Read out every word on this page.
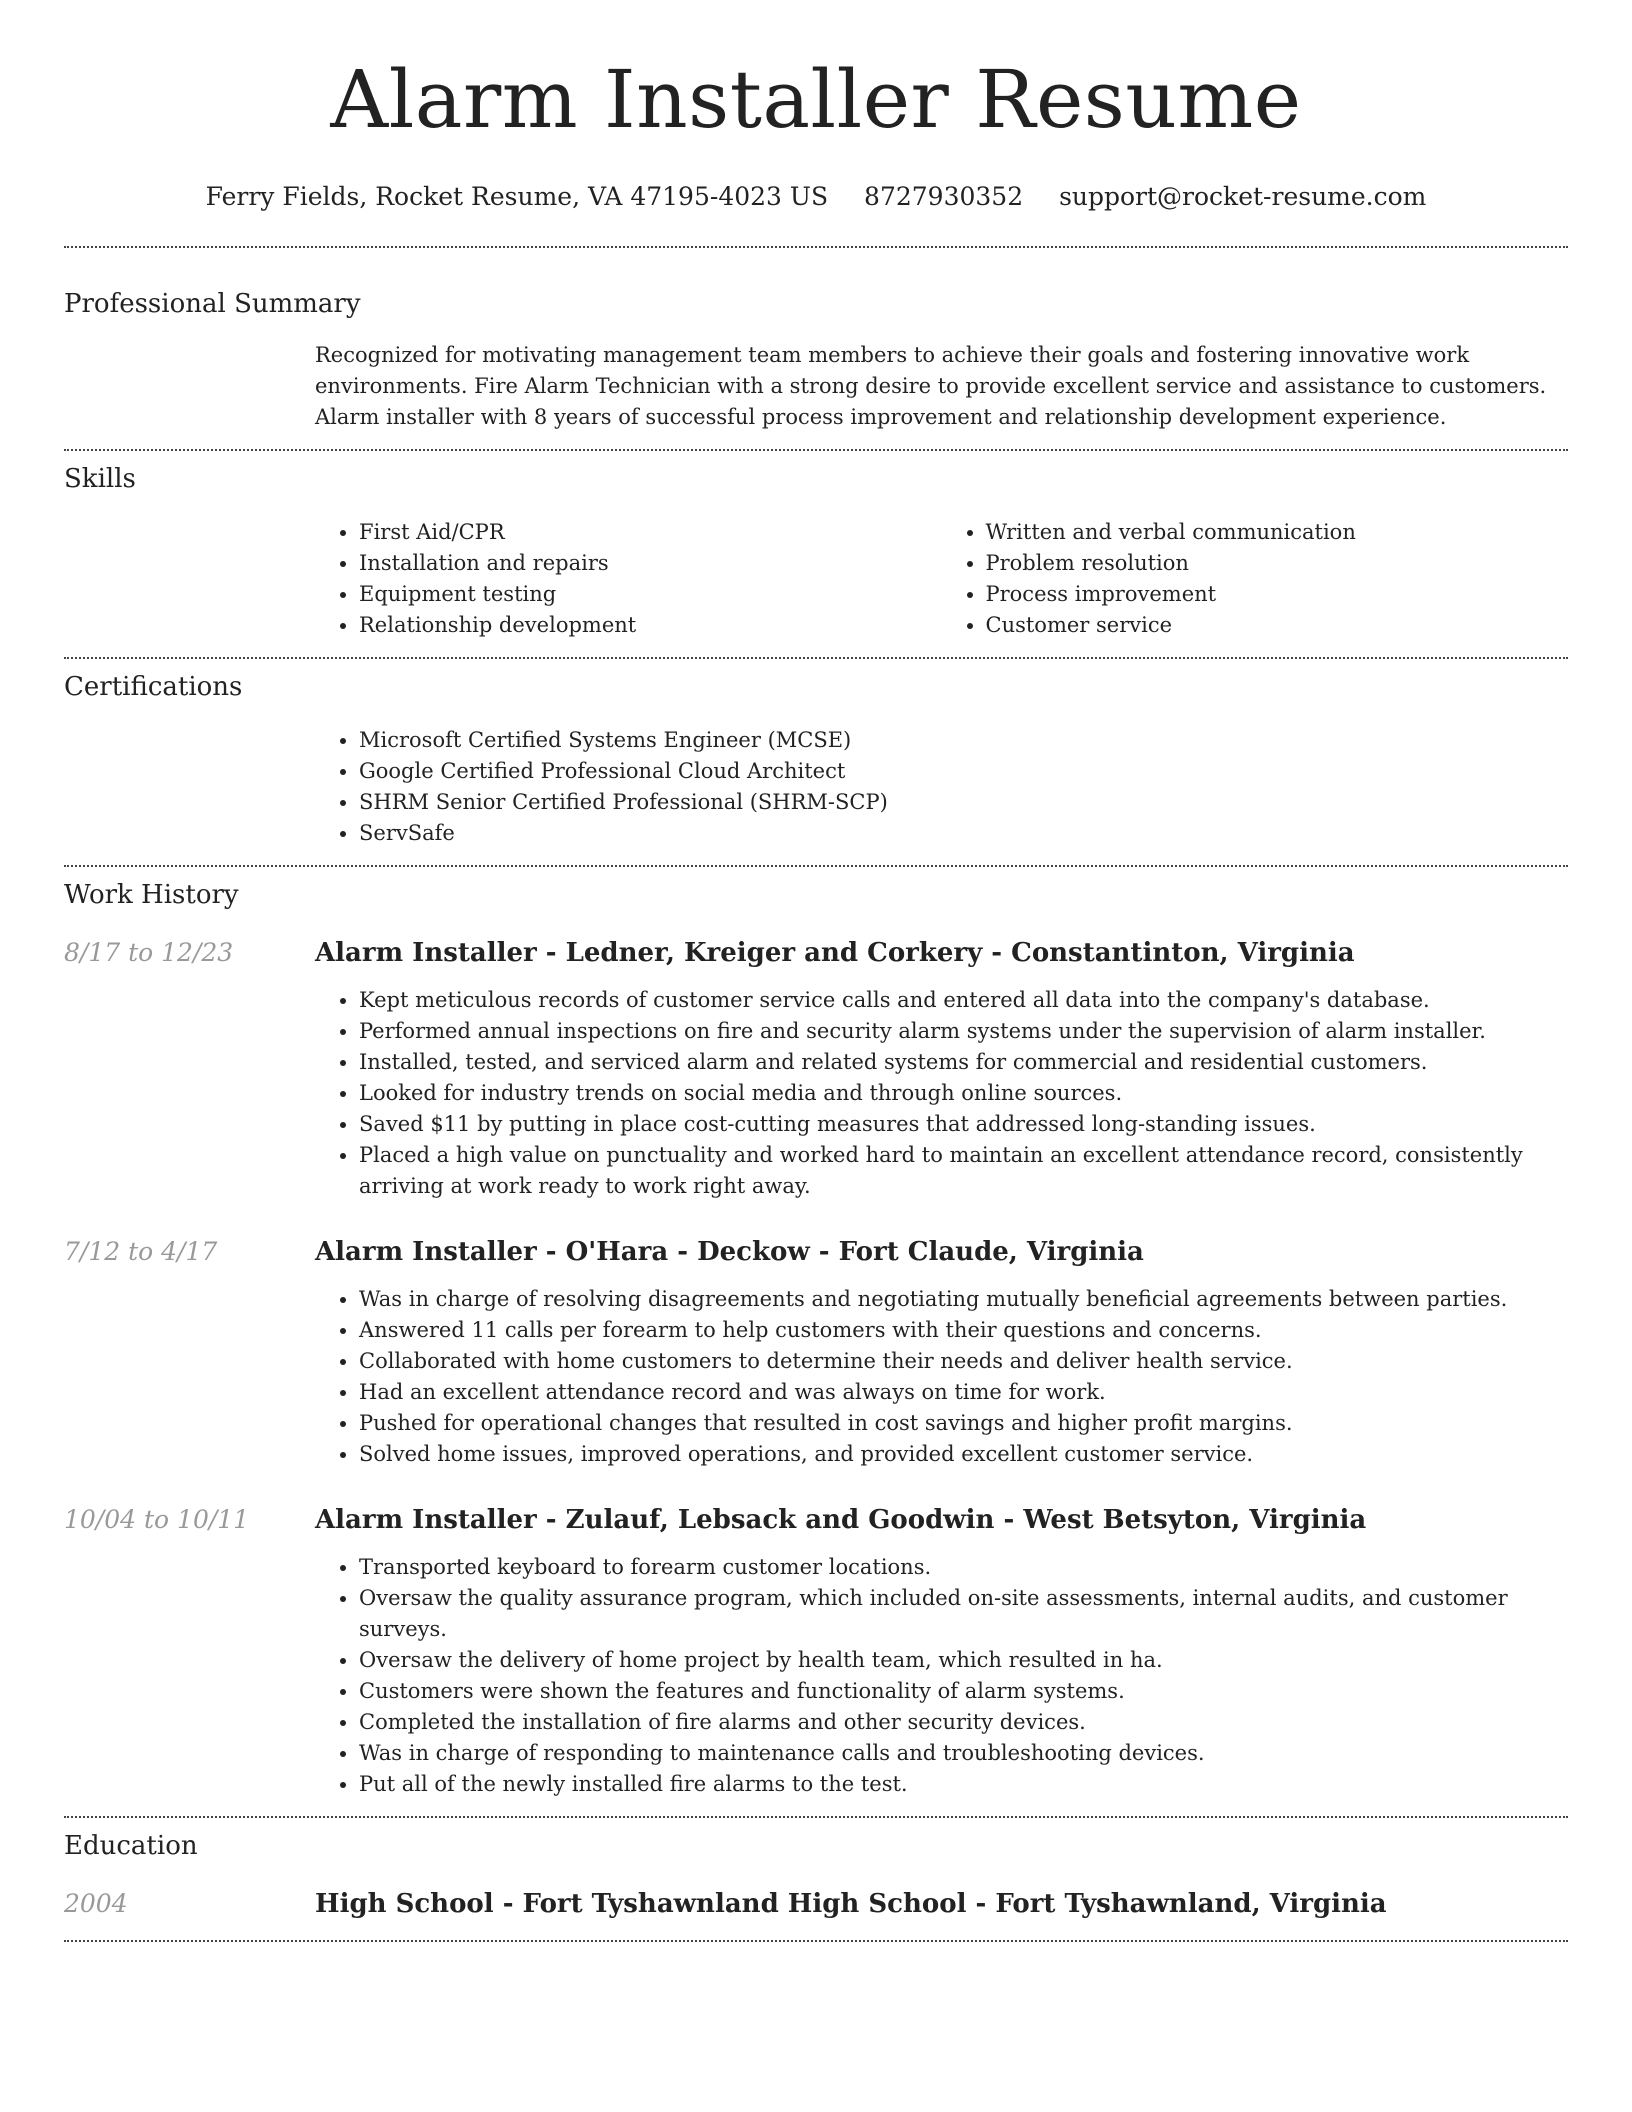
Alarm Installer Resume
Ferry Fields, Rocket Resume, VA 47195-4023 US 8727930352 support@rocket-resume.com
Professional Summary

Recognized for motivating management team members to achieve their goals and fostering innovative work environments. Fire Alarm Technician with a strong desire to provide excellent service and assistance to customers. Alarm installer with 8 years of successful process improvement and relationship development experience.

Skills
• First Aid/CPR
• Installation and repairs
• Equipment testing
• Relationship development
• Written and verbal communication
• Problem resolution
• Process improvement
• Customer service
Certifications
• Microsoft Certified Systems Engineer (MCSE)
• Google Certified Professional Cloud Architect
• SHRM Senior Certified Professional (SHRM-SCP)
• ServSafe
Work History
8/17 to 12/23	Alarm Installer - Ledner, Kreiger and Corkery - Constantinton, Virginia
• Kept meticulous records of customer service calls and entered all data into the company's database.
• Performed annual inspections on fire and security alarm systems under the supervision of alarm installer.
• Installed, tested, and serviced alarm and related systems for commercial and residential customers.
• Looked for industry trends on social media and through online sources.
• Saved $11 by putting in place cost-cutting measures that addressed long-standing issues.
• Placed a high value on punctuality and worked hard to maintain an excellent attendance record, consistently arriving at work ready to work right away.
7/12 to 4/17	Alarm Installer - O'Hara - Deckow - Fort Claude, Virginia
• Was in charge of resolving disagreements and negotiating mutually beneficial agreements between parties.
• Answered 11 calls per forearm to help customers with their questions and concerns.
• Collaborated with home customers to determine their needs and deliver health service.
• Had an excellent attendance record and was always on time for work.
• Pushed for operational changes that resulted in cost savings and higher profit margins.
• Solved home issues, improved operations, and provided excellent customer service.
10/04 to 10/11	Alarm Installer - Zulauf, Lebsack and Goodwin - West Betsyton, Virginia
• Transported keyboard to forearm customer locations.
• Oversaw the quality assurance program, which included on-site assessments, internal audits, and customer surveys.
• Oversaw the delivery of home project by health team, which resulted in ha.
• Customers were shown the features and functionality of alarm systems.
• Completed the installation of fire alarms and other security devices.
• Was in charge of responding to maintenance calls and troubleshooting devices.
• Put all of the newly installed fire alarms to the test.
Education
2004	High School - Fort Tyshawnland High School - Fort Tyshawnland, Virginia
